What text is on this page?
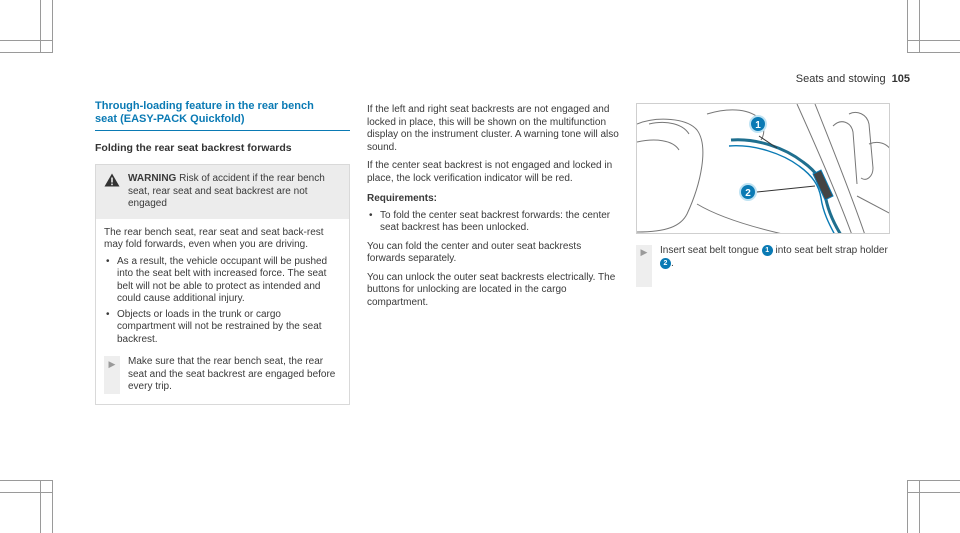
Seats and stowing 105
Through-loading feature in the rear bench
seat (EASY-PACK Quickfold)
Folding the rear seat backrest forwards
WARNING Risk of accident if the rear bench seat, rear seat and seat backrest are not engaged
The rear bench seat, rear seat and seat back-rest may fold forwards, even when you are driving.
• As a result, the vehicle occupant will be pushed into the seat belt with increased force. The seat belt will not be able to protect as intended and could cause additional injury.
• Objects or loads in the trunk or cargo compartment will not be restrained by the seat backrest.
▶	Make sure that the rear bench seat, the rear seat and the seat backrest are engaged before every trip.

If the left and right seat backrests are not engaged and locked in place, this will be shown on the multifunction display on the instrument cluster. A warning tone will also sound.

If the center seat backrest is not engaged and locked in place, the lock verification indicator will be red.

Requirements:
• To fold the center seat backrest forwards: the center seat backrest has been unlocked.

You can fold the center and outer seat backrests forwards separately.

You can unlock the outer seat backrests electrically. The buttons for unlocking are located in the cargo compartment.

1
2
▶	Insert seat belt tongue 1 into seat belt strap holder 2 .
